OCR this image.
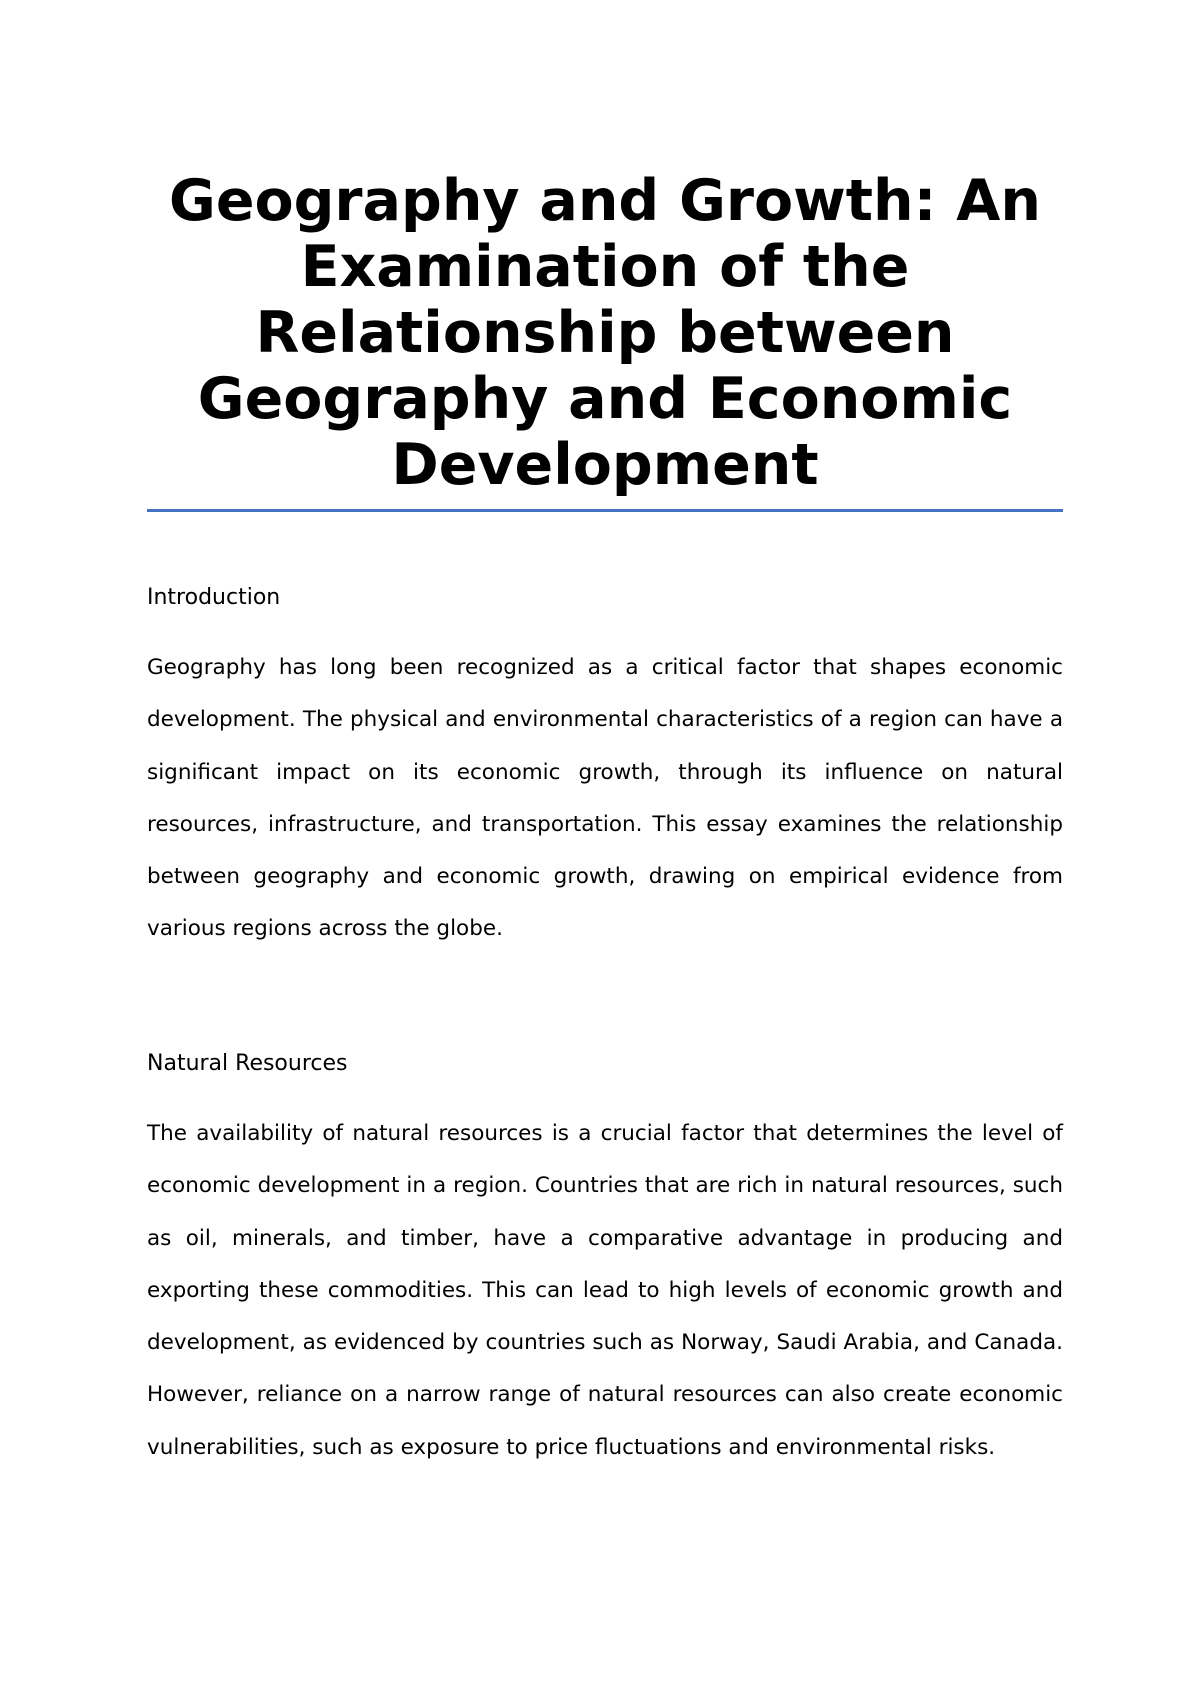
Geography and Growth: An Examination of the Relationship between Geography and Economic Development
Introduction

Geography has long been recognized as a critical factor that shapes economic development. The physical and environmental characteristics of a region can have a significant impact on its economic growth, through its influence on natural resources, infrastructure, and transportation. This essay examines the relationship between geography and economic growth, drawing on empirical evidence from various regions across the globe.

Natural Resources

The availability of natural resources is a crucial factor that determines the level of economic development in a region. Countries that are rich in natural resources, such as oil, minerals, and timber, have a comparative advantage in producing and exporting these commodities. This can lead to high levels of economic growth and development, as evidenced by countries such as Norway, Saudi Arabia, and Canada. However, reliance on a narrow range of natural resources can also create economic vulnerabilities, such as exposure to price fluctuations and environmental risks.
